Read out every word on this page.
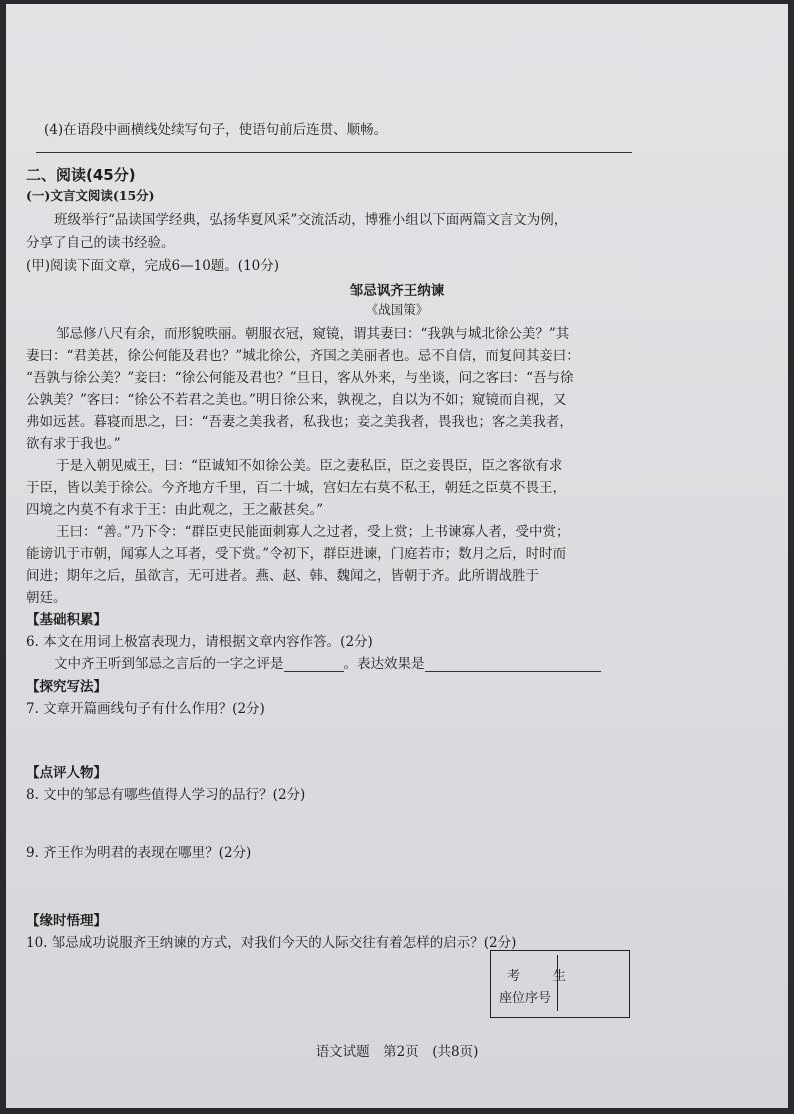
(4)在语段中画横线处续写句子，使语句前后连贯、顺畅。
二、阅读(45分)
(一)文言文阅读(15分)
班级举行“品读国学经典，弘扬华夏风采”交流活动，博雅小组以下面两篇文言文为例，
分享了自己的读书经验。
(甲)阅读下面文章，完成6—10题。(10分)
邹忌讽齐王纳谏
《战国策》
邹忌修八尺有余，而形貌昳丽。朝服衣冠，窥镜，谓其妻曰：“我孰与城北徐公美？”其
妻曰：“君美甚，徐公何能及君也？”城北徐公，齐国之美丽者也。忌不自信，而复问其妾曰：
“吾孰与徐公美？”妾曰：“徐公何能及君也？”旦日，客从外来，与坐谈，问之客曰：“吾与徐
公孰美？”客曰：“徐公不若君之美也。”明日徐公来，孰视之，自以为不如；窥镜而自视，又
弗如远甚。暮寝而思之，曰：“吾妻之美我者，私我也；妾之美我者，畏我也；客之美我者，
欲有求于我也。”
于是入朝见威王，曰：“臣诚知不如徐公美。臣之妻私臣，臣之妾畏臣，臣之客欲有求
于臣，皆以美于徐公。今齐地方千里，百二十城，宫妇左右莫不私王，朝廷之臣莫不畏王，
四境之内莫不有求于王：由此观之，王之蔽甚矣。”
王曰：“善。”乃下令：“群臣吏民能面刺寡人之过者，受上赏；上书谏寡人者，受中赏；
能谤讥于市朝，闻寡人之耳者，受下赏。”令初下，群臣进谏，门庭若市；数月之后，时时而
间进；期年之后，虽欲言，无可进者。燕、赵、韩、魏闻之，皆朝于齐。此所谓战胜于
朝廷。
【基础积累】
6. 本文在用词上极富表现力，请根据文章内容作答。(2分)
文中齐王听到邹忌之言后的一字之评是	。表达效果是
【探究写法】
7. 文章开篇画线句子有什么作用？(2分)
【点评人物】
8. 文中的邹忌有哪些值得人学习的品行？(2分)
9. 齐王作为明君的表现在哪里？(2分)
【缘时悟理】
10. 邹忌成功说服齐王纳谏的方式，对我们今天的人际交往有着怎样的启示？(2分)
考	生
座位序号
语文试题　第2页　(共8页)
